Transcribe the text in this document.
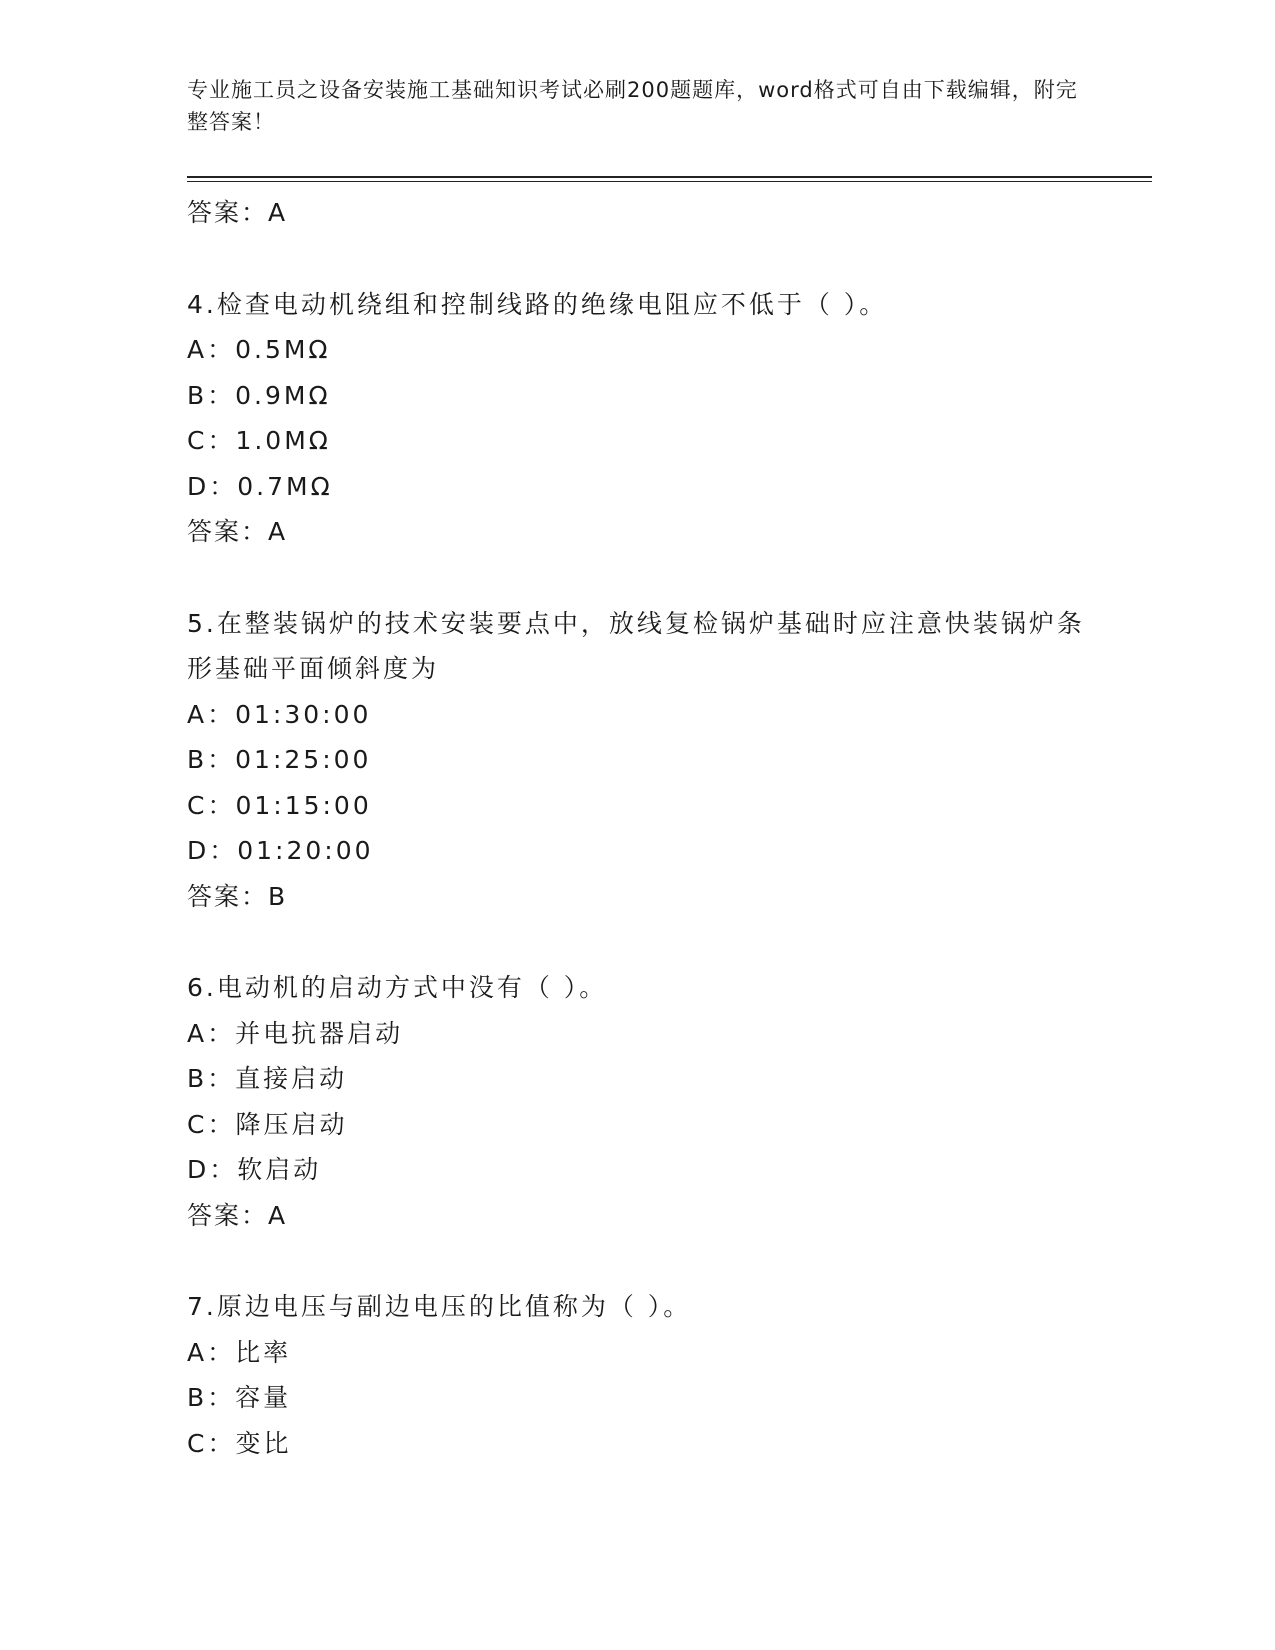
专业施工员之设备安装施工基础知识考试必刷200题题库，word格式可自由下载编辑，附完整答案！
答案：A
4.检查电动机绕组和控制线路的绝缘电阻应不低于（ ）。
A：0.5MΩ
B：0.9MΩ
C：1.0MΩ
D：0.7MΩ
答案：A
5.在整装锅炉的技术安装要点中，放线复检锅炉基础时应注意快装锅炉条形基础平面倾斜度为
A：01:30:00
B：01:25:00
C：01:15:00
D：01:20:00
答案：B
6.电动机的启动方式中没有（ ）。
A：并电抗器启动
B：直接启动
C：降压启动
D：软启动
答案：A
7.原边电压与副边电压的比值称为（ ）。
A：比率
B：容量
C：变比
